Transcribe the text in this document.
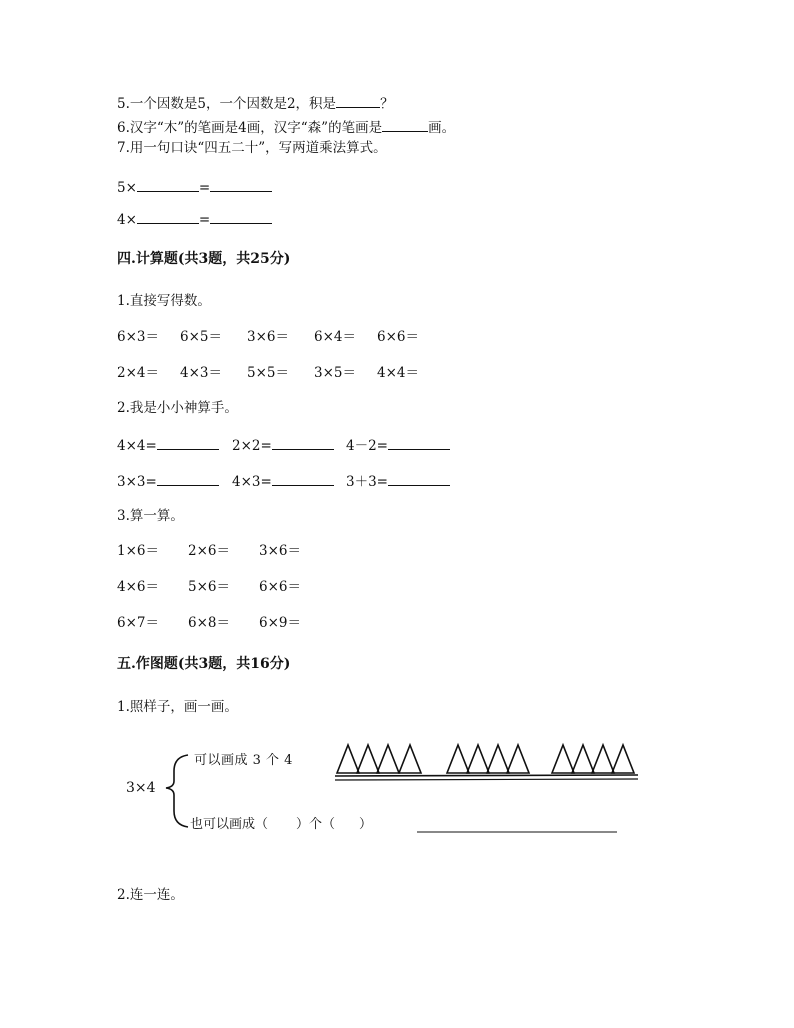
5.一个因数是5，一个因数是2，积是	？
6.汉字“木”的笔画是4画，汉字“森”的笔画是	画。
7.用一句口诀“四五二十”，写两道乘法算式。
5×	=
4×	=
四.计算题(共3题，共25分)
1.直接写得数。
6×3＝ 6×5＝ 3×6＝ 6×4＝ 6×6＝
2×4＝ 4×3＝ 5×5＝ 3×5＝ 4×4＝
2.我是小小神算手。
4×4=	2×2=	4－2=
3×3=	4×3=	3＋3=
3.算一算。
1×6＝ 2×6＝ 3×6＝
4×6＝ 5×6＝ 6×6＝
6×7＝ 6×8＝ 6×9＝
五.作图题(共3题，共16分)
1.照样子，画一画。
3×4
可以画成 3 个 4
也可以画成（ ）个（ ）
2.连一连。
